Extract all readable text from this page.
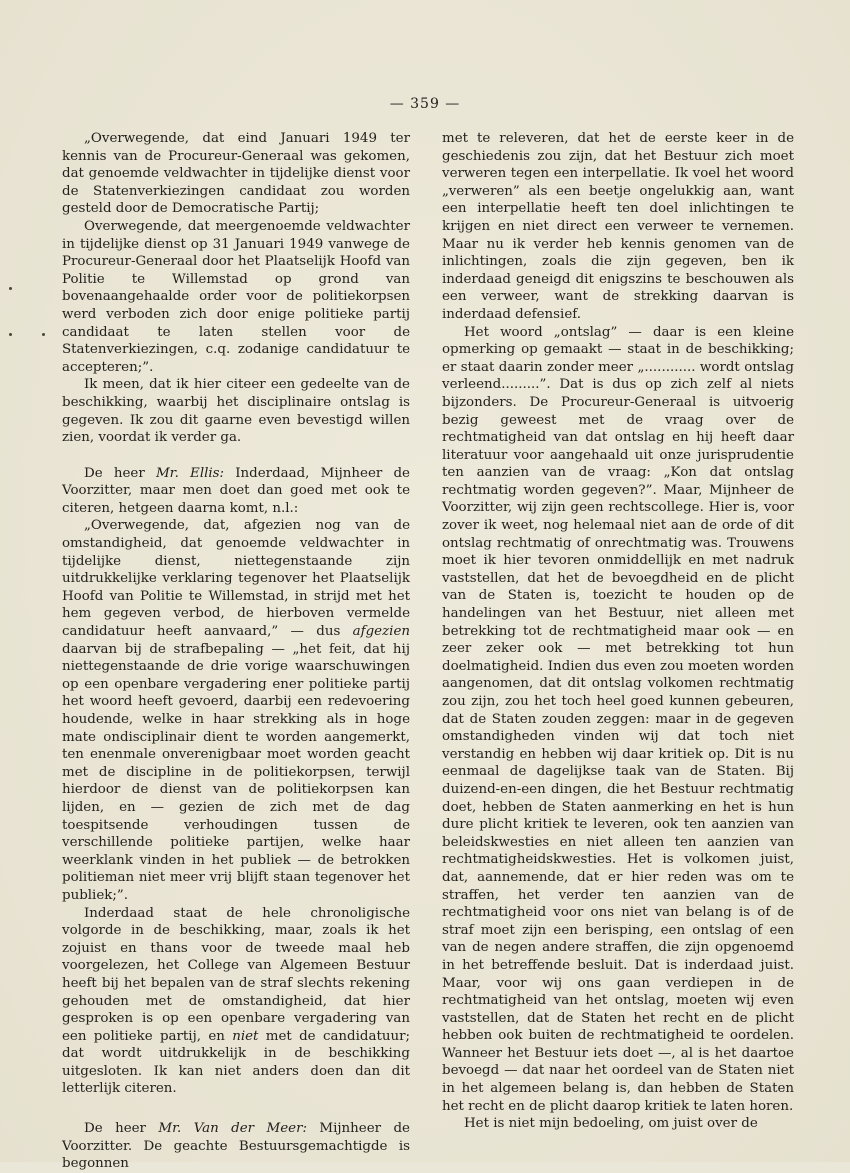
— 359 —

„Overwegende, dat eind Januari 1949 ter kennis van de Procureur-Generaal was gekomen, dat genoemde veldwachter in tijdelijke dienst voor de Statenverkiezingen candidaat zou worden gesteld door de Democratische Partij;

Overwegende, dat meergenoemde veldwachter in tijdelijke dienst op 31 Januari 1949 vanwege de Procureur-Generaal door het Plaatselijk Hoofd van Politie te Willemstad op grond van bovenaangehaalde order voor de politiekorpsen werd verboden zich door enige politieke partij candidaat te laten stellen voor de Statenverkiezingen, c.q. zodanige candidatuur te accepteren;”.

Ik meen, dat ik hier citeer een gedeelte van de beschikking, waarbij het disciplinaire ontslag is gegeven. Ik zou dit gaarne even bevestigd willen zien, voordat ik verder ga.

De heer Mr. Ellis: Inderdaad, Mijnheer de Voorzitter, maar men doet dan goed met ook te citeren, hetgeen daarna komt, n.l.:

„Overwegende, dat, afgezien nog van de omstandigheid, dat genoemde veldwachter in tijdelijke dienst, niettegenstaande zijn uitdrukkelijke verklaring tegenover het Plaatselijk Hoofd van Politie te Willemstad, in strijd met het hem gegeven verbod, de hierboven vermelde candidatuur heeft aanvaard,” — dus afgezien daarvan bij de strafbepaling — „het feit, dat hij niettegenstaande de drie vorige waarschuwingen op een openbare vergadering ener politieke partij het woord heeft gevoerd, daarbij een redevoering houdende, welke in haar strekking als in hoge mate ondisciplinair dient te worden aangemerkt, ten enenmale onverenigbaar moet worden geacht met de discipline in de politiekorpsen, terwijl hierdoor de dienst van de politiekorpsen kan lijden, en — gezien de zich met de dag toespitsende verhoudingen tussen de verschillende politieke partijen, welke haar weerklank vinden in het publiek — de betrokken politieman niet meer vrij blijft staan tegenover het publiek;”.

Inderdaad staat de hele chronoligische volgorde in de beschikking, maar, zoals ik het zojuist en thans voor de tweede maal heb voorgelezen, het College van Algemeen Bestuur heeft bij het bepalen van de straf slechts rekening gehouden met de omstandigheid, dat hier gesproken is op een openbare vergadering van een politieke partij, en niet met de candidatuur; dat wordt uitdrukkelijk in de beschikking uitgesloten. Ik kan niet anders doen dan dit letterlijk citeren.

De heer Mr. Van der Meer: Mijnheer de Voorzitter. De geachte Bestuursgemachtigde is begonnen

met te releveren, dat het de eerste keer in de geschiedenis zou zijn, dat het Bestuur zich moet verweren tegen een interpellatie. Ik voel het woord „verweren” als een beetje ongelukkig aan, want een interpellatie heeft ten doel inlichtingen te krijgen en niet direct een verweer te vernemen. Maar nu ik verder heb kennis genomen van de inlichtingen, zoals die zijn gegeven, ben ik inderdaad geneigd dit enigszins te beschouwen als een verweer, want de strekking daarvan is inderdaad defensief.

Het woord „ontslag” — daar is een kleine opmerking op gemaakt — staat in de beschikking; er staat daarin zonder meer „............ wordt ontslag verleend.........”. Dat is dus op zich zelf al niets bijzonders. De Procureur-Generaal is uitvoerig bezig geweest met de vraag over de rechtmatigheid van dat ontslag en hij heeft daar literatuur voor aangehaald uit onze jurisprudentie ten aanzien van de vraag: „Kon dat ontslag rechtmatig worden gegeven?”. Maar, Mijnheer de Voorzitter, wij zijn geen rechtscollege. Hier is, voor zover ik weet, nog helemaal niet aan de orde of dit ontslag rechtmatig of onrechtmatig was. Trouwens moet ik hier tevoren onmiddellijk en met nadruk vaststellen, dat het de bevoegdheid en de plicht van de Staten is, toezicht te houden op de handelingen van het Bestuur, niet alleen met betrekking tot de rechtmatigheid maar ook — en zeer zeker ook — met betrekking tot hun doelmatigheid. Indien dus even zou moeten worden aangenomen, dat dit ontslag volkomen rechtmatig zou zijn, zou het toch heel goed kunnen gebeuren, dat de Staten zouden zeggen: maar in de gegeven omstandigheden vinden wij dat toch niet verstandig en hebben wij daar kritiek op. Dit is nu eenmaal de dagelijkse taak van de Staten. Bij duizend-en-een dingen, die het Bestuur rechtmatig doet, hebben de Staten aanmerking en het is hun dure plicht kritiek te leveren, ook ten aanzien van beleidskwesties en niet alleen ten aanzien van rechtmatigheidskwesties. Het is volkomen juist, dat, aannemende, dat er hier reden was om te straffen, het verder ten aanzien van de rechtmatigheid voor ons niet van belang is of de straf moet zijn een berisping, een ontslag of een van de negen andere straffen, die zijn opgenoemd in het betreffende besluit. Dat is inderdaad juist. Maar, voor wij ons gaan verdiepen in de rechtmatigheid van het ontslag, moeten wij even vaststellen, dat de Staten het recht en de plicht hebben ook buiten de rechtmatigheid te oordelen. Wanneer het Bestuur iets doet —, al is het daartoe bevoegd — dat naar het oordeel van de Staten niet in het algemeen belang is, dan hebben de Staten het recht en de plicht daarop kritiek te laten horen.

Het is niet mijn bedoeling, om juist over de
